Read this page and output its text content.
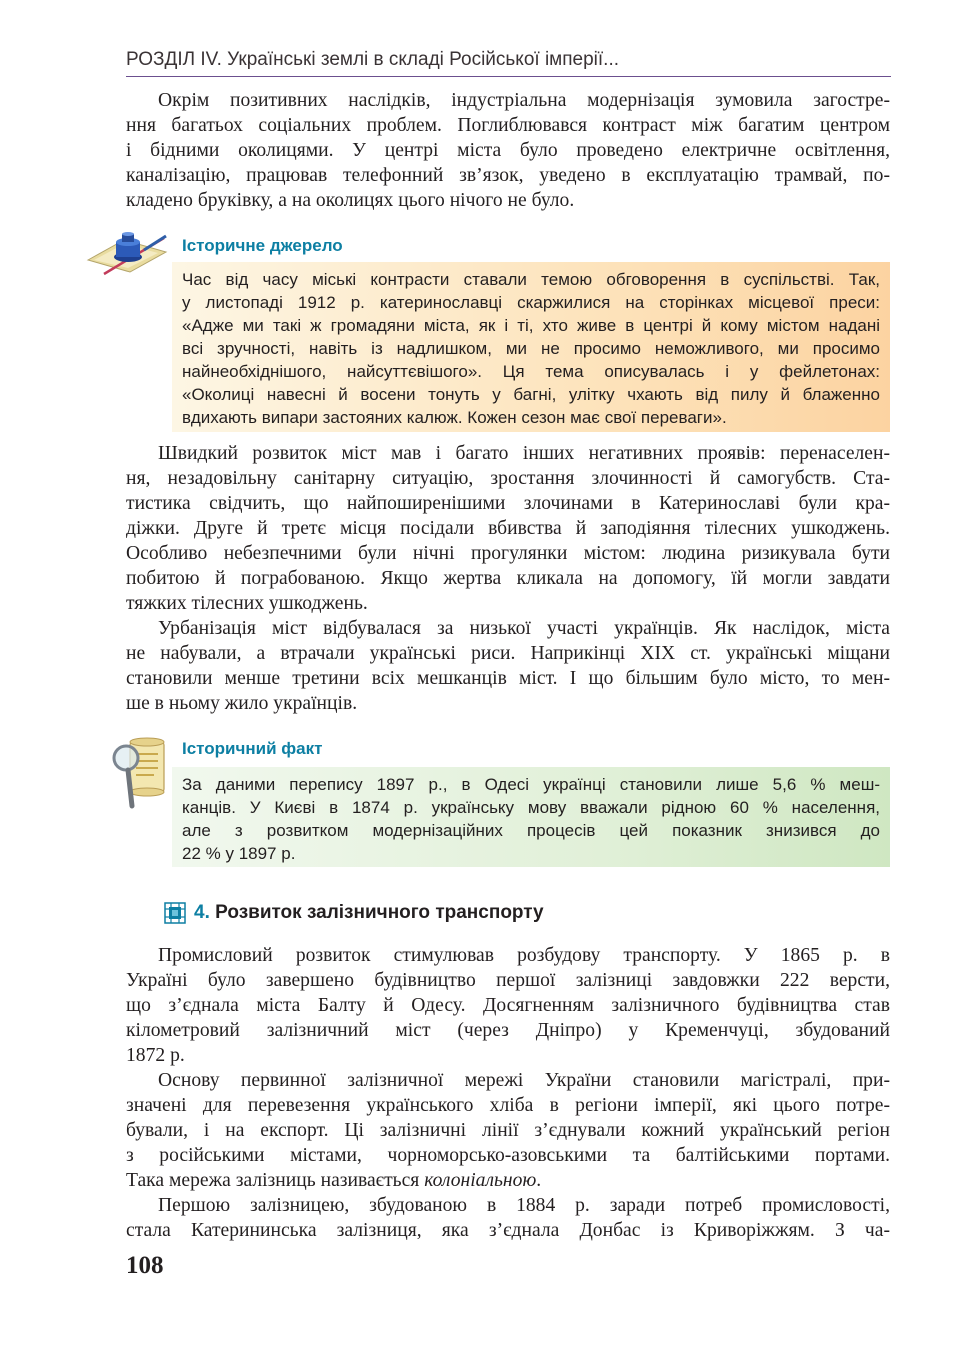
РОЗДІЛ IV. Українські землі в складі Російської імперії...
Окрім позитивних наслідків, індустріальна модернізація зумовила загостре-
ння багатьох соціальних проблем. Поглиблювався контраст між багатим центром
і бідними околицями. У центрі міста було проведено електричне освітлення,
каналізацію, працював телефонний зв’язок, уведено в експлуатацію трамвай, по-
кладено бруківку, а на околицях цього нічого не було.
Історичне джерело
Час від часу міські контрасти ставали темою обговорення в суспільстві. Так,
у листопаді 1912 р. катеринославці скаржилися на сторінках місцевої преси:
«Адже ми такі ж громадяни міста, як і ті, хто живе в центрі й кому містом надані
всі зручності, навіть із надлишком, ми не просимо неможливого, ми просимо
найнеобхіднішого, найсуттєвішого». Ця тема описувалась і у фейлетонах:
«Околиці навесні й восени тонуть у багні, улітку чхають від пилу й блаженно
вдихають випари застояних калюж. Кожен сезон має свої переваги».
Швидкий розвиток міст мав і багато інших негативних проявів: перенаселен-
ня, незадовільну санітарну ситуацію, зростання злочинності й самогубств. Ста-
тистика свідчить, що найпоширенішими злочинами в Катеринославі були кра-
діжки. Друге й третє місця посідали вбивства й заподіяння тілесних ушкоджень.
Особливо небезпечними були нічні прогулянки містом: людина ризикувала бути
побитою й пограбованою. Якщо жертва кликала на допомогу, їй могли завдати
тяжких тілесних ушкоджень.
Урбанізація міст відбувалася за низької участі українців. Як наслідок, міста
не набували, а втрачали українські риси. Наприкінці XIX ст. українські міщани
становили менше третини всіх мешканців міст. І що більшим було місто, то мен-
ше в ньому жило українців.
Історичний факт
За даними перепису 1897 р., в Одесі українці становили лише 5,6 % меш-
канців. У Києві в 1874 р. українську мову вважали рідною 60 % населення,
але з розвитком модернізаційних процесів цей показник знизився до
22 % у 1897 р.
4. Розвиток залізничного транспорту
Промисловий розвиток стимулював розбудову транспорту. У 1865 р. в
Україні було завершено будівництво першої залізниці завдовжки 222 версти,
що з’єднала міста Балту й Одесу. Досягненням залізничного будівництва став
кілометровий залізничний міст (через Дніпро) у Кременчуці, збудований
1872 р.
Основу первинної залізничної мережі України становили магістралі, при-
значені для перевезення українського хліба в регіони імперії, які цього потре-
бували, і на експорт. Ці залізничні лінії з’єднували кожний український регіон
з російськими містами, чорноморсько-азовськими та балтійськими портами.
Така мережа залізниць називається колоніальною.
Першою залізницею, збудованою в 1884 р. заради потреб промисловості,
стала Катерининська залізниця, яка з’єднала Донбас із Криворіжжям. З ча-
108
